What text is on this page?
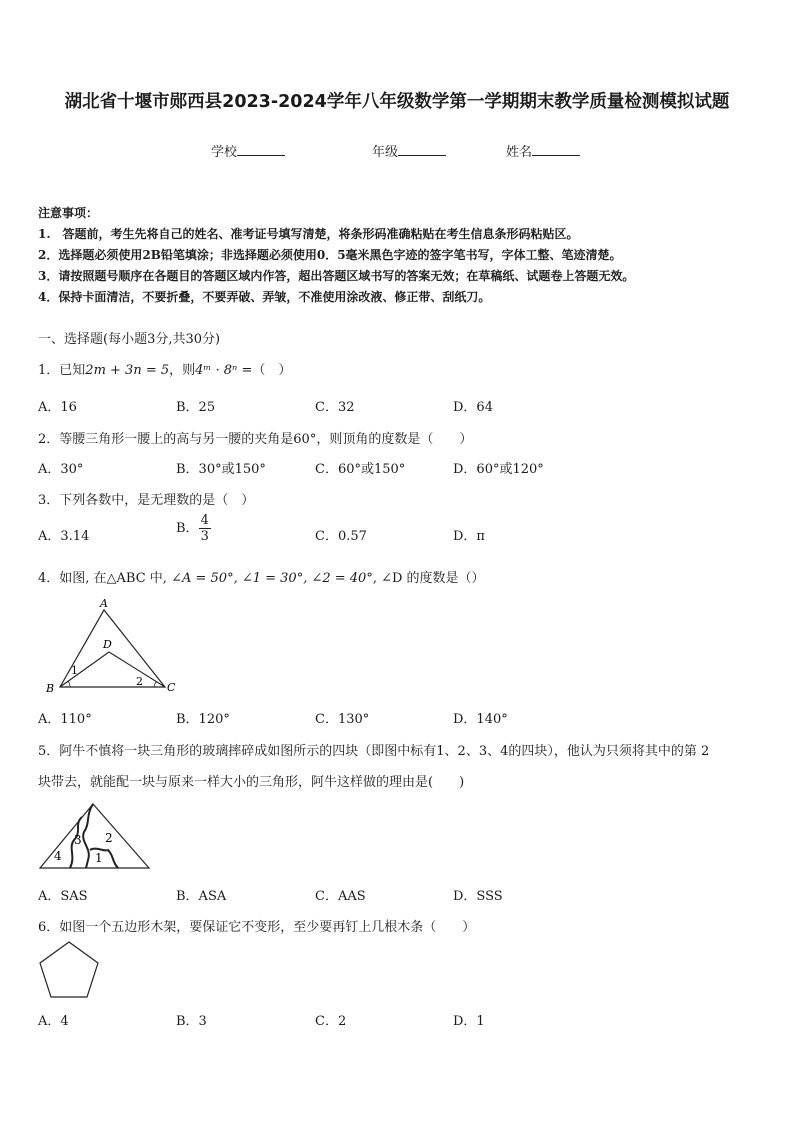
湖北省十堰市郧西县2023-2024学年八年级数学第一学期期末教学质量检测模拟试题
学校	年级	姓名
注意事项：
1.　答题前，考生先将自己的姓名、准考证号填写清楚，将条形码准确粘贴在考生信息条形码粘贴区。
2．选择题必须使用2B铅笔填涂；非选择题必须使用0．5毫米黑色字迹的签字笔书写，字体工整、笔迹清楚。
3．请按照题号顺序在各题目的答题区域内作答，超出答题区域书写的答案无效；在草稿纸、试题卷上答题无效。
4．保持卡面清洁，不要折叠，不要弄破、弄皱，不准使用涂改液、修正带、刮纸刀。
一、选择题(每小题3分,共30分)
1．已知2m + 3n = 5，则4ᵐ · 8ⁿ =（　）
A．16	B．25	C．32	D．64
2．等腰三角形一腰上的高与另一腰的夹角是60°，则顶角的度数是（　　）
A．30°	B．30°或150°	C．60°或150°	D．60°或120°
3．下列各数中，是无理数的是（　）
A．3.14
B． $\frac{4}{3}$	C．0.57	D．π
4．如图, 在△ABC 中, ∠A = 50°, ∠1 = 30°, ∠2 = 40°, ∠D 的度数是（）
A
B	C
D
1
2
A．110°	B．120°	C．130°	D．140°
5．阿牛不慎将一块三角形的玻璃摔碎成如图所示的四块（即图中标有1、2、3、4的四块），他认为只须将其中的第 2
块带去，就能配一块与原来一样大小的三角形，阿牛这样做的理由是(　　)
4
3 2
1
A．SAS	B．ASA	C．AAS	D．SSS
6．如图一个五边形木架，要保证它不变形，至少要再钉上几根木条（　　）
A．4	B．3	C．2	D．1
